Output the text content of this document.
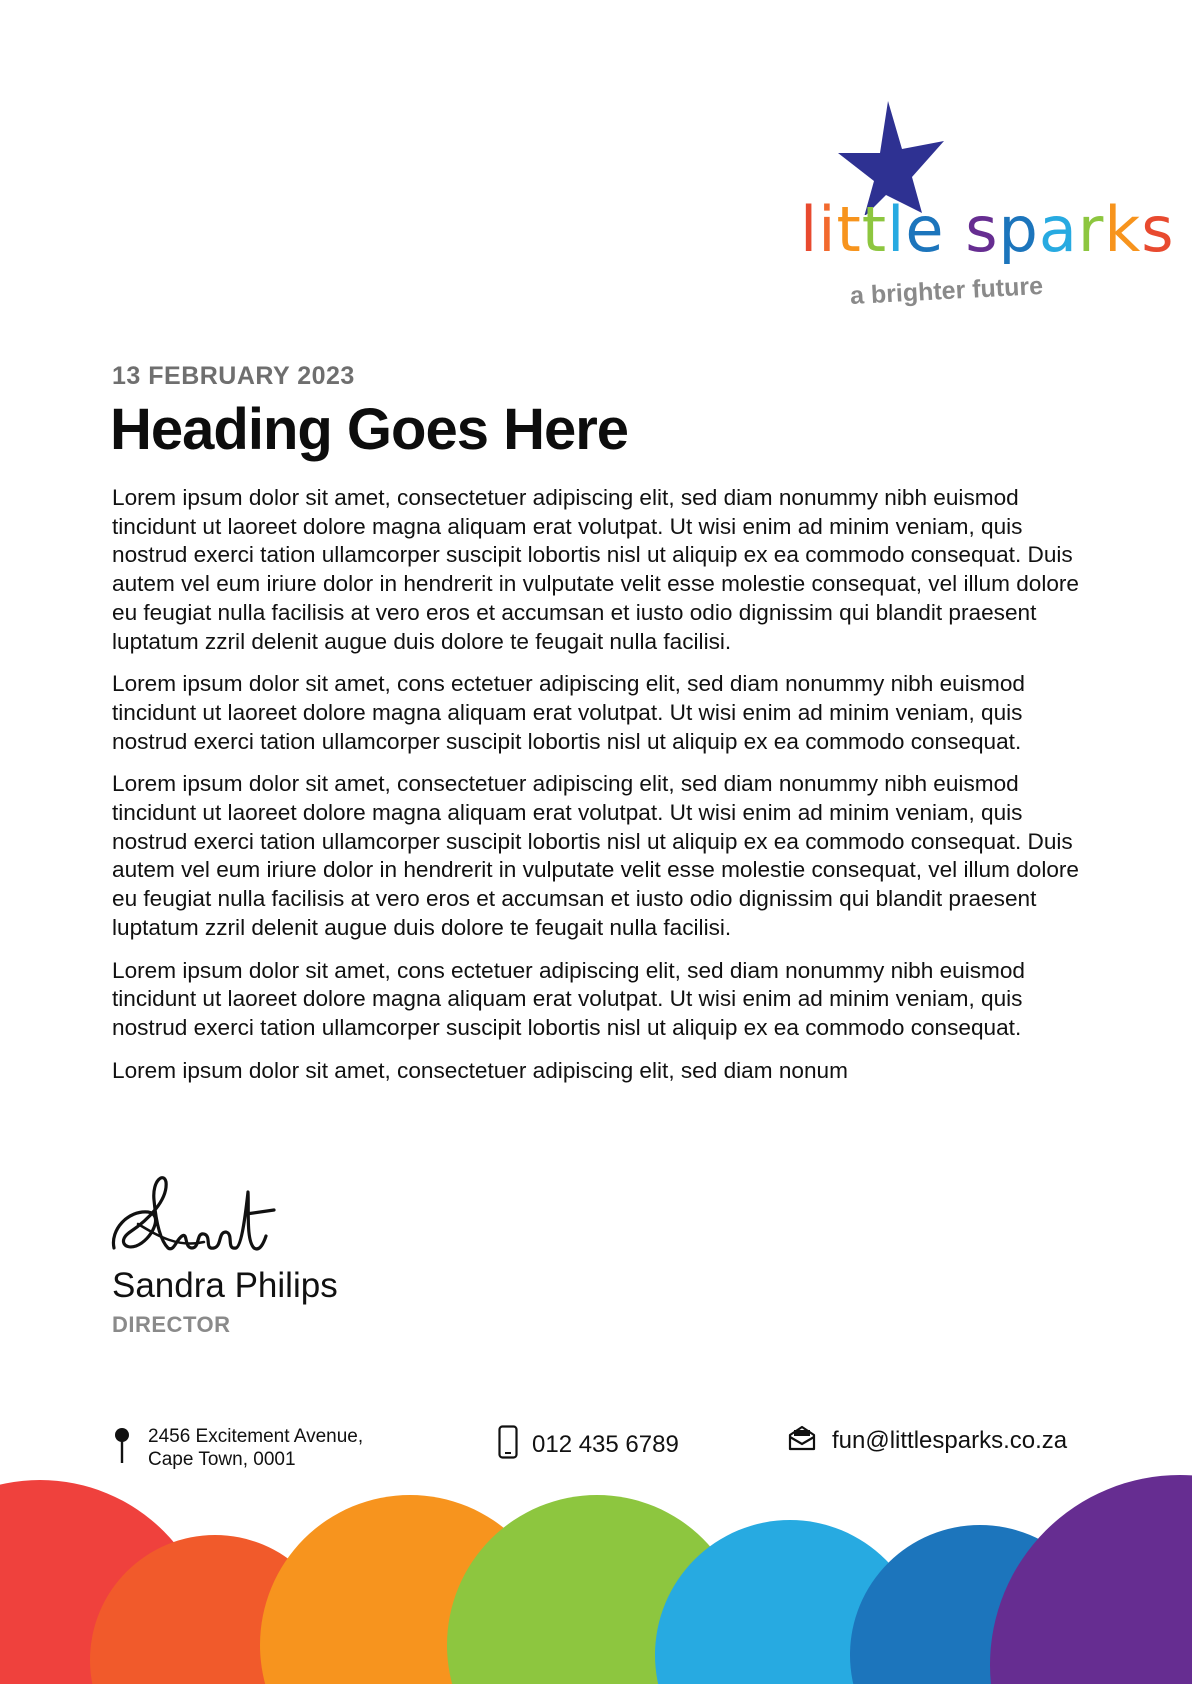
little sparks
a brighter future
13 FEBRUARY 2023
Heading Goes Here

Lorem ipsum dolor sit amet, consectetuer adipiscing elit, sed diam nonummy nibh euismod tincidunt ut laoreet dolore magna aliquam erat volutpat. Ut wisi enim ad minim veniam, quis nostrud exerci tation ullamcorper suscipit lobortis nisl ut aliquip ex ea commodo consequat. Duis autem vel eum iriure dolor in hendrerit in vulputate velit esse molestie consequat, vel illum dolore eu feugiat nulla facilisis at vero eros et accumsan et iusto odio dignissim qui blandit praesent luptatum zzril delenit augue duis dolore te feugait nulla facilisi.

Lorem ipsum dolor sit amet, cons ectetuer adipiscing elit, sed diam nonummy nibh euismod tincidunt ut laoreet dolore magna aliquam erat volutpat. Ut wisi enim ad minim veniam, quis nostrud exerci tation ullamcorper suscipit lobortis nisl ut aliquip ex ea commodo consequat.

Lorem ipsum dolor sit amet, consectetuer adipiscing elit, sed diam nonummy nibh euismod tincidunt ut laoreet dolore magna aliquam erat volutpat. Ut wisi enim ad minim veniam, quis nostrud exerci tation ullamcorper suscipit lobortis nisl ut aliquip ex ea commodo consequat. Duis autem vel eum iriure dolor in hendrerit in vulputate velit esse molestie consequat, vel illum dolore eu feugiat nulla facilisis at vero eros et accumsan et iusto odio dignissim qui blandit praesent luptatum zzril delenit augue duis dolore te feugait nulla facilisi.

Lorem ipsum dolor sit amet, cons ectetuer adipiscing elit, sed diam nonummy nibh euismod tincidunt ut laoreet dolore magna aliquam erat volutpat. Ut wisi enim ad minim veniam, quis nostrud exerci tation ullamcorper suscipit lobortis nisl ut aliquip ex ea commodo consequat.

Lorem ipsum dolor sit amet, consectetuer adipiscing elit, sed diam nonum

Sandra Philips
DIRECTOR
2456 Excitement Avenue,
Cape Town, 0001
012 435 6789	fun@littlesparks.co.za
